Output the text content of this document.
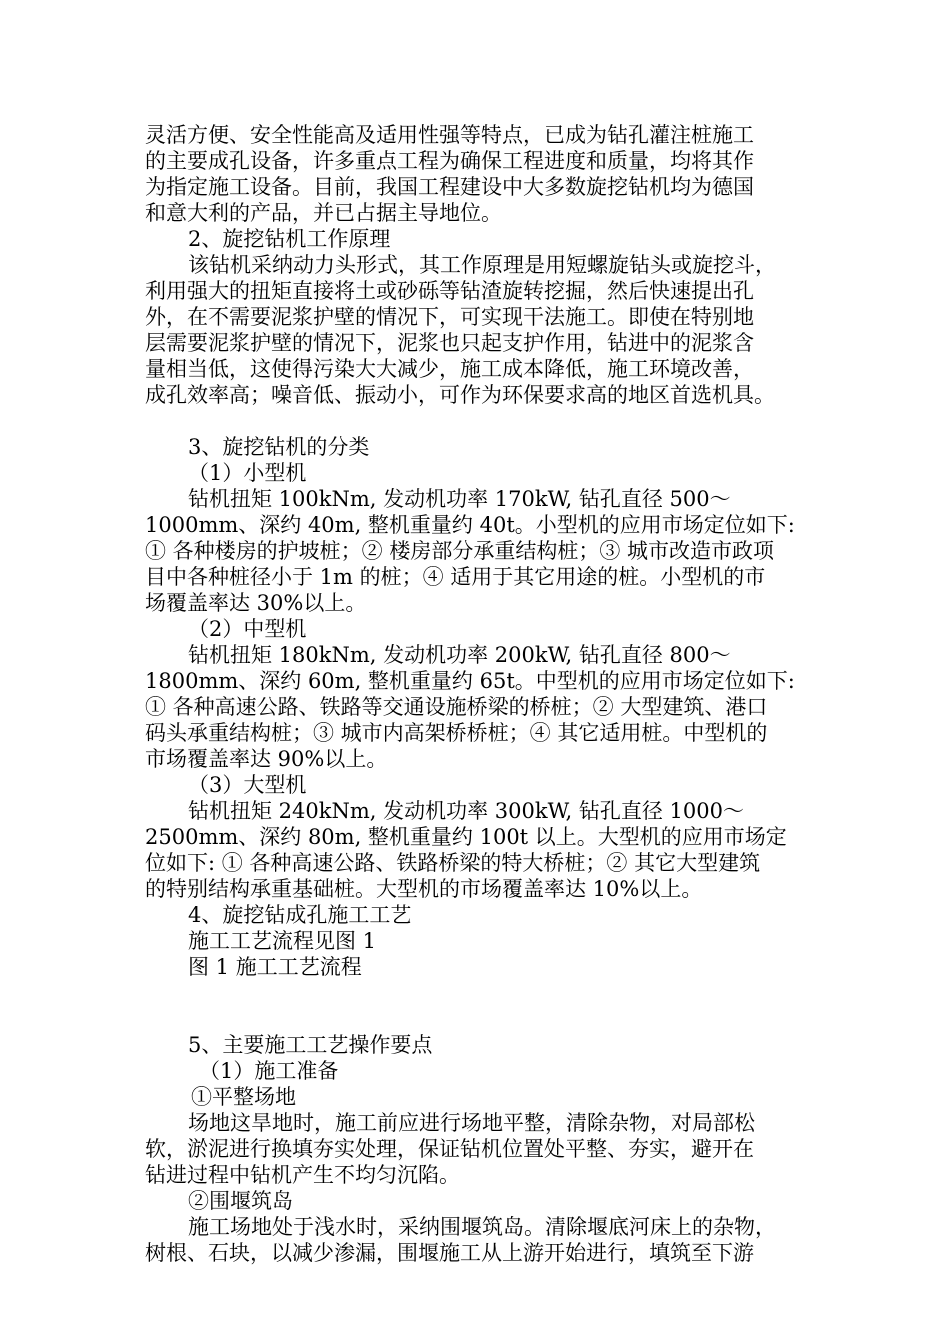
灵活方便、安全性能高及适用性强等特点，已成为钻孔灌注桩施工
的主要成孔设备，许多重点工程为确保工程进度和质量，均将其作
为指定施工设备。目前，我国工程建设中大多数旋挖钻机均为德国
和意大利的产品，并已占据主导地位。
2、旋挖钻机工作原理
该钻机采纳动力头形式，其工作原理是用短螺旋钻头或旋挖斗，
利用强大的扭矩直接将土或砂砾等钻渣旋转挖掘，然后快速提出孔
外，在不需要泥浆护壁的情况下，可实现干法施工。即使在特别地
层需要泥浆护壁的情况下，泥浆也只起支护作用，钻进中的泥浆含
量相当低，这使得污染大大减少，施工成本降低，施工环境改善，
成孔效率高；噪音低、振动小，可作为环保要求高的地区首选机具。
3、旋挖钻机的分类
（1）小型机
钻机扭矩 100kNm, 发动机功率 170kW, 钻孔直径 500～
1000mm、深约 40m, 整机重量约 40t。小型机的应用市场定位如下:
① 各种楼房的护坡桩；② 楼房部分承重结构桩；③ 城市改造市政项
目中各种桩径小于 1m 的桩；④ 适用于其它用途的桩。小型机的市
场覆盖率达 30%以上。
（2）中型机
钻机扭矩 180kNm, 发动机功率 200kW, 钻孔直径 800～
1800mm、深约 60m, 整机重量约 65t。中型机的应用市场定位如下:
① 各种高速公路、铁路等交通设施桥梁的桥桩；② 大型建筑、港口
码头承重结构桩；③ 城市内高架桥桥桩；④ 其它适用桩。中型机的
市场覆盖率达 90%以上。
（3）大型机
钻机扭矩 240kNm, 发动机功率 300kW, 钻孔直径 1000～
2500mm、深约 80m, 整机重量约 100t 以上。大型机的应用市场定
位如下: ① 各种高速公路、铁路桥梁的特大桥桩；② 其它大型建筑
的特别结构承重基础桩。大型机的市场覆盖率达 10%以上。
4、旋挖钻成孔施工工艺
施工工艺流程见图 1
图 1 施工工艺流程
5、主要施工工艺操作要点
（1）施工准备
①平整场地
场地这旱地时，施工前应进行场地平整，清除杂物，对局部松
软，淤泥进行换填夯实处理，保证钻机位置处平整、夯实，避开在
钻进过程中钻机产生不均匀沉陷。
②围堰筑岛
施工场地处于浅水时，采纳围堰筑岛。清除堰底河床上的杂物，
树根、石块，以减少渗漏，围堰施工从上游开始进行，填筑至下游
